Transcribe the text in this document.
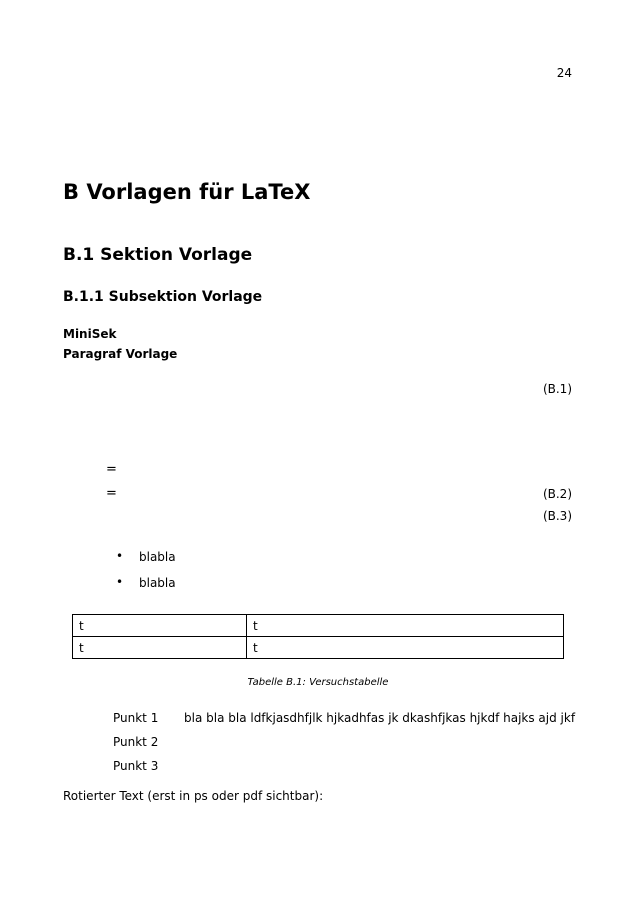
24
B Vorlagen für LaTeX
B.1 Sektion Vorlage
B.1.1 Subsektion Vorlage
MiniSek
Paragraf Vorlage
(B.1)
=
=	(B.2)
(B.3)
• blabla
• blabla
t	t
t	t
Tabelle B.1: Versuchstabelle
Punkt 1 bla bla bla ldfkjasdhfjlk hjkadhfas jk dkashfjkas hjkdf hajks ajd jkf
Punkt 2
Punkt 3
Rotierter Text (erst in ps oder pdf sichtbar):
